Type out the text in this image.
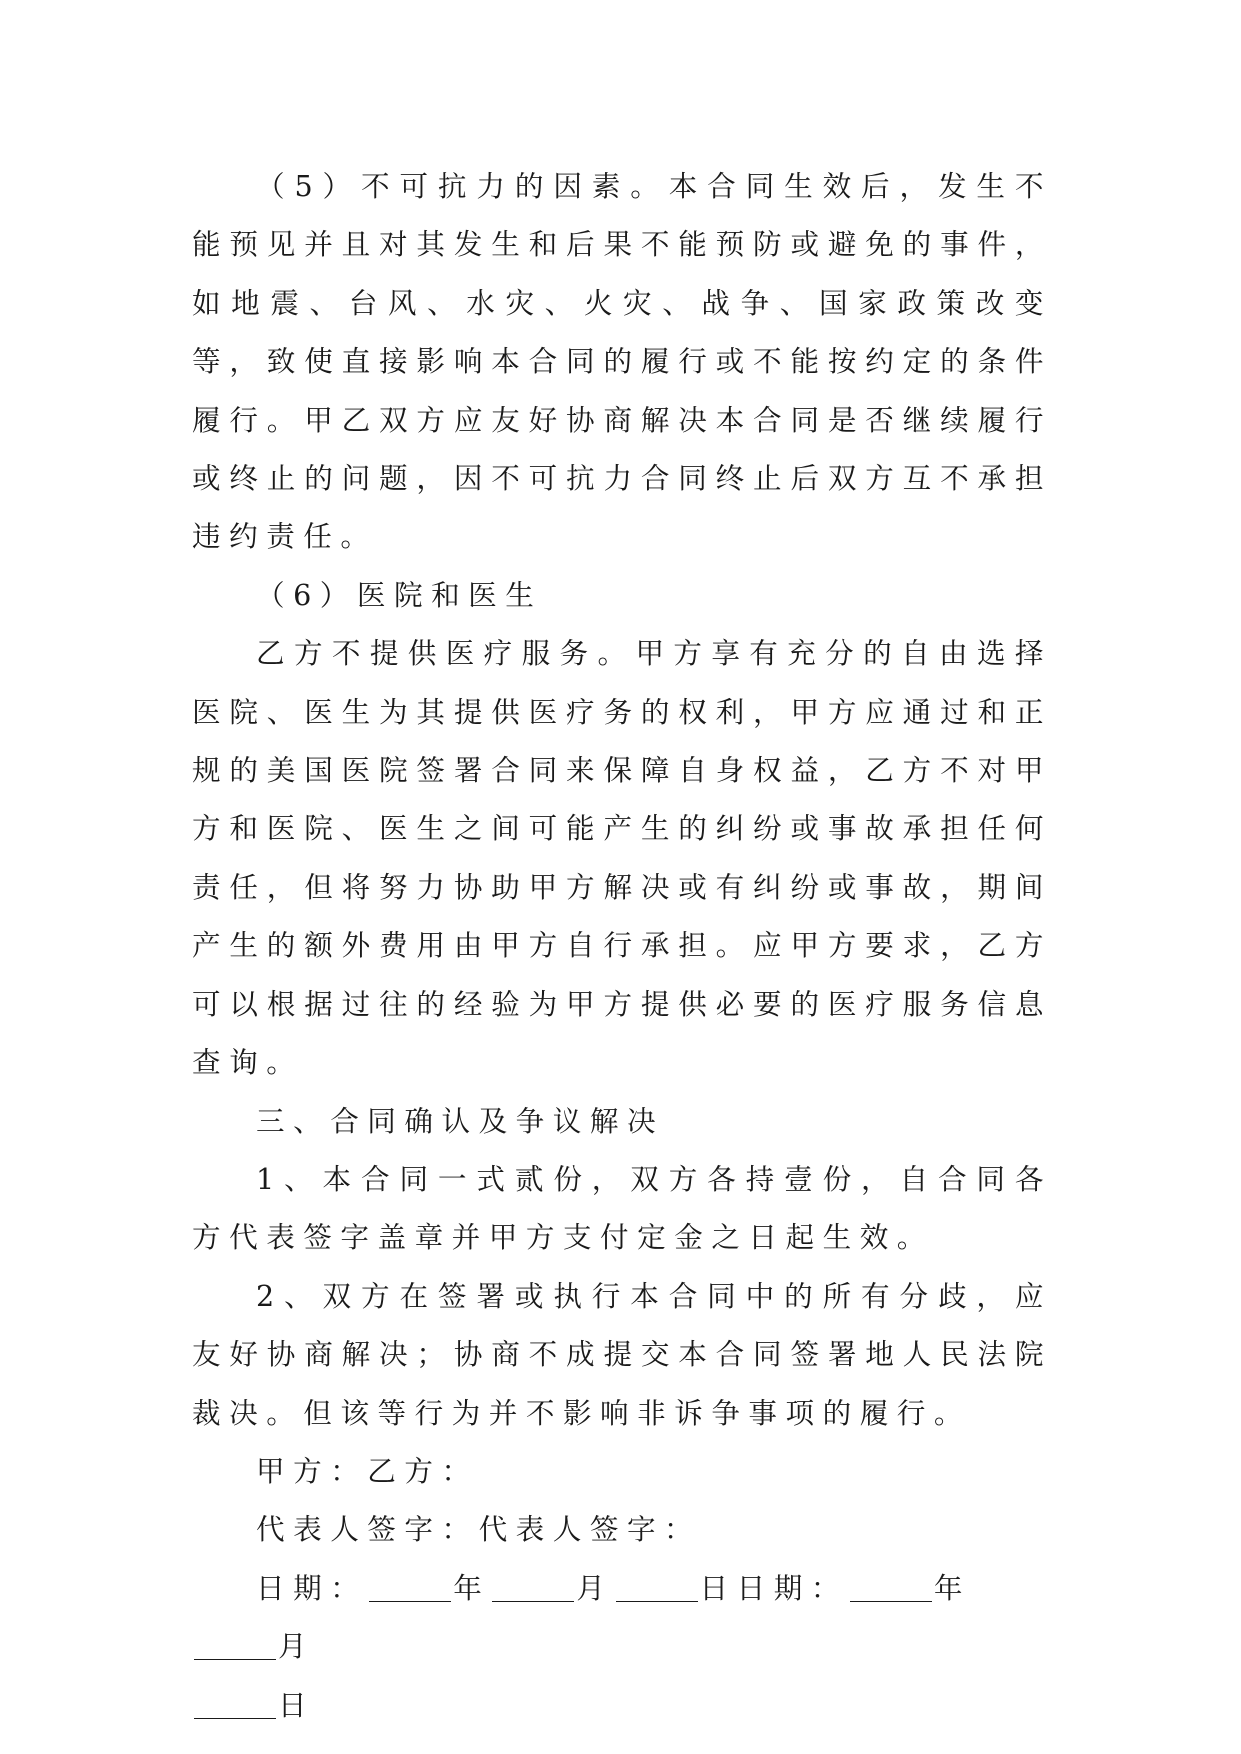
（5）不可抗力的因素。本合同生效后，发生不能预见并且对其发生和后果不能预防或避免的事件，如地震、台风、水灾、火灾、战争、国家政策改变等，致使直接影响本合同的履行或不能按约定的条件履行。甲乙双方应友好协商解决本合同是否继续履行或终止的问题，因不可抗力合同终止后双方互不承担违约责任。

（6）医院和医生

乙方不提供医疗服务。甲方享有充分的自由选择医院、医生为其提供医疗务的权利，甲方应通过和正规的美国医院签署合同来保障自身权益，乙方不对甲方和医院、医生之间可能产生的纠纷或事故承担任何责任，但将努力协助甲方解决或有纠纷或事故，期间产生的额外费用由甲方自行承担。应甲方要求，乙方可以根据过往的经验为甲方提供必要的医疗服务信息查询。

三、合同确认及争议解决

1、本合同一式贰份，双方各持壹份，自合同各方代表签字盖章并甲方支付定金之日起生效。

2、双方在签署或执行本合同中的所有分歧，应友好协商解决；协商不成提交本合同签署地人民法院裁决。但该等行为并不影响非诉争事项的履行。

甲方：乙方：

代表人签字：代表人签字：

日期：	年	月	日日期：	年月

日
